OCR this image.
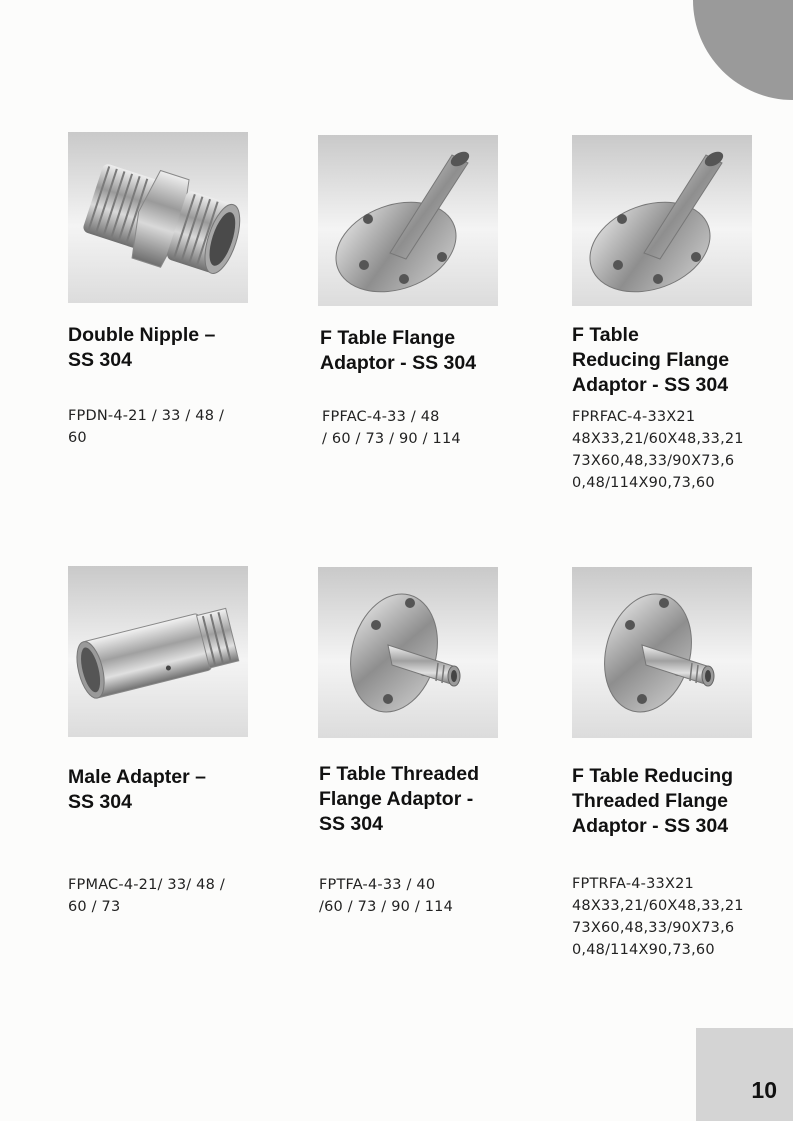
10
Double Nipple –
SS 304
FPDN-4-21 / 33 / 48 /
60
F Table Flange
Adaptor - SS 304
FPFAC-4-33 / 48
/ 60 / 73 / 90 / 114
F Table
Reducing Flange
Adaptor - SS 304
FPRFAC-4-33X21
48X33,21/60X48,33,21
73X60,48,33/90X73,6
0,48/114X90,73,60
Male Adapter –
SS 304
FPMAC-4-21/ 33/ 48 /
60 / 73
F Table Threaded
Flange Adaptor -
SS 304
FPTFA-4-33 / 40
/60 / 73 / 90 / 114
F Table Reducing
Threaded Flange
Adaptor - SS 304
FPTRFA-4-33X21
48X33,21/60X48,33,21
73X60,48,33/90X73,6
0,48/114X90,73,60
